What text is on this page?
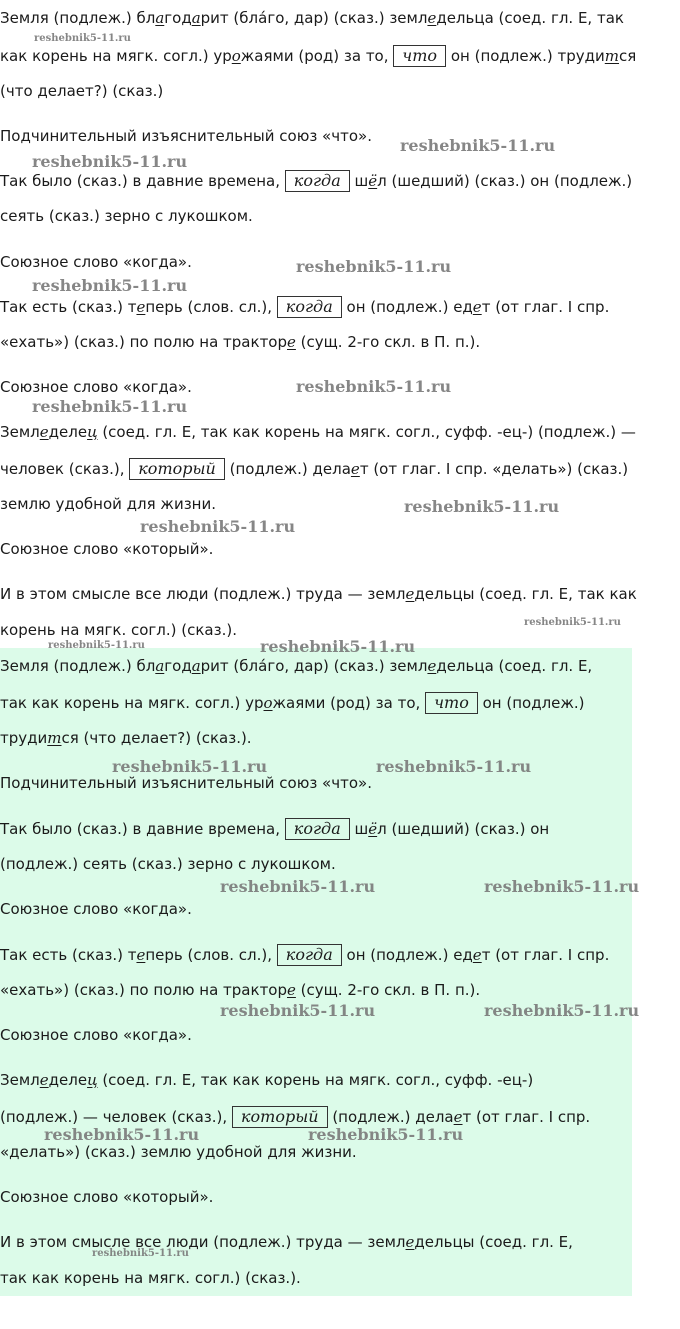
Земля (подлеж.) благодарит (бла́го, дар) (сказ.) земледельца (соед. гл. Е, так
как корень на мягк. согл.) урожаями (род) за то, что он (подлеж.) трудится
(что делает?) (сказ.)
Подчинительный изъяснительный союз «что».
Так было (сказ.) в давние времена, когда шёл (шедший) (сказ.) он (подлеж.)
сеять (сказ.) зерно с лукошком.
Союзное слово «когда».
Так есть (сказ.) теперь (слов. сл.), когда он (подлеж.) едет (от глаг. I спр.
«ехать») (сказ.) по полю на тракторе (сущ. 2-го скл. в П. п.).
Союзное слово «когда».
Земледелец (соед. гл. Е, так как корень на мягк. согл., суфф. -ец-) (подлеж.) —
человек (сказ.), который (подлеж.) делает (от глаг. I спр. «делать») (сказ.)
землю удобной для жизни.
Союзное слово «который».
И в этом смысле все люди (подлеж.) труда — земледельцы (соед. гл. Е, так как
корень на мягк. согл.) (сказ.).
Земля (подлеж.) благодарит (бла́го, дар) (сказ.) земледельца (соед. гл. Е,
так как корень на мягк. согл.) урожаями (род) за то, что он (подлеж.)
трудится (что делает?) (сказ.).
Подчинительный изъяснительный союз «что».
Так было (сказ.) в давние времена, когда шёл (шедший) (сказ.) он
(подлеж.) сеять (сказ.) зерно с лукошком.
Союзное слово «когда».
Так есть (сказ.) теперь (слов. сл.), когда он (подлеж.) едет (от глаг. I спр.
«ехать») (сказ.) по полю на тракторе (сущ. 2-го скл. в П. п.).
Союзное слово «когда».
Земледелец (соед. гл. Е, так как корень на мягк. согл., суфф. -ец-)
(подлеж.) — человек (сказ.), который (подлеж.) делает (от глаг. I спр.
«делать») (сказ.) землю удобной для жизни.
Союзное слово «который».
И в этом смысле все люди (подлеж.) труда — земледельцы (соед. гл. Е,
так как корень на мягк. согл.) (сказ.).
reshebnik5-11.ru
reshebnik5-11.ru
reshebnik5-11.ru
reshebnik5-11.ru
reshebnik5-11.ru
reshebnik5-11.ru
reshebnik5-11.ru
reshebnik5-11.ru
reshebnik5-11.ru
reshebnik5-11.ru
reshebnik5-11.ru	reshebnik5-11.ru
reshebnik5-11.ru	reshebnik5-11.ru
reshebnik5-11.ru	reshebnik5-11.ru
reshebnik5-11.ru	reshebnik5-11.ru
reshebnik5-11.ru	reshebnik5-11.ru
reshebnik5-11.ru
